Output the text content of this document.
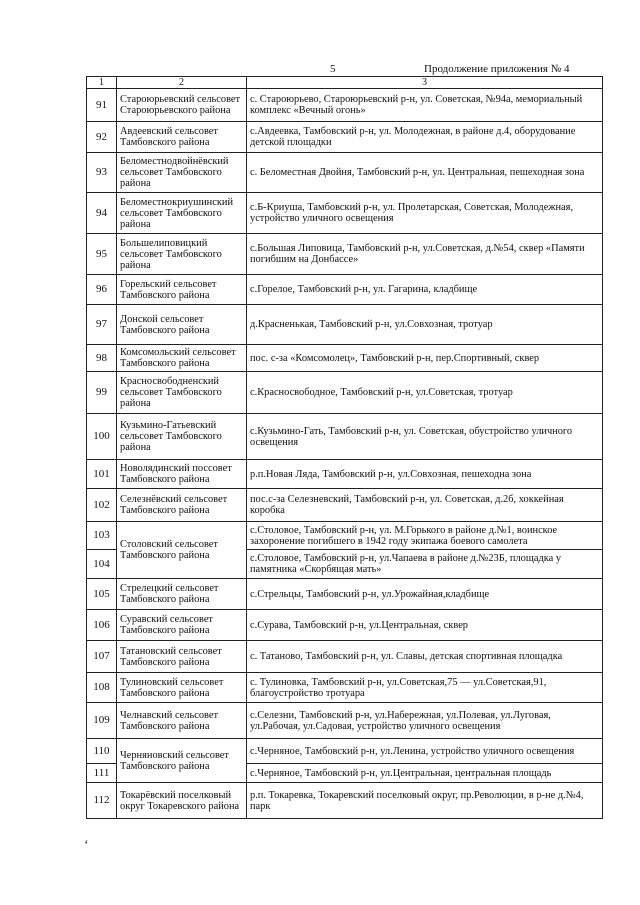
5	Продолжение приложения № 4
1	2	3
91	Староюрьевский сельсовет Староюрьевского района	с. Староюрьево, Староюрьевский р-н, ул. Советская, №94а, мемориальный комплекс «Вечный огонь»
92	Авдеевский сельсовет Тамбовского района	с.Авдеевка, Тамбовский р-н, ул. Молодежная, в районе д.4, оборудование детской площадки
93	Беломестнодвойнёвский сельсовет Тамбовского района	с. Беломестная Двойня, Тамбовский р-н, ул. Центральная, пешеходная зона
94	Беломестнокриушинский сельсовет Тамбовского района	с.Б-Криуша, Тамбовский р-н, ул. Пролетарская, Советская, Молодежная, устройство уличного освещения
95	Большелиповицкий сельсовет Тамбовского района	с.Большая Липовица, Тамбовский р-н, ул.Советская, д.№54, сквер «Памяти погибшим на Донбассе»
96	Горельский сельсовет Тамбовского района	с.Горелое, Тамбовский р-н, ул. Гагарина, кладбище
97	Донской сельсовет Тамбовского района	д.Красненькая, Тамбовский р-н, ул.Совхозная, тротуар
98	Комсомольский сельсовет Тамбовского района	пос. с-за «Комсомолец», Тамбовский р-н, пер.Спортивный, сквер
99	Красносвободненский сельсовет Тамбовского района	с.Красносвободное, Тамбовский р-н, ул.Советская, тротуар
100	Кузьмино-Гатьевский сельсовет Тамбовского района	с.Кузьмино-Гать, Тамбовский р-н, ул. Советская, обустройство уличного освещения
101	Новолядинский поссовет Тамбовского района	р.п.Новая Ляда, Тамбовский р-н, ул.Совхозная, пешеходна зона
102	Селезнёвский сельсовет Тамбовского района	пос.с-за Селезневский, Тамбовский р-н, ул. Советская, д.2б, хоккейная коробка
103	Столовский сельсовет Тамбовского района	с.Столовое, Тамбовский р-н, ул. М.Горького в районе д.№1, воинское захоронение погибшего в 1942 году экипажа боевого самолета
104		с.Столовое, Тамбовский р-н, ул.Чапаева в районе д.№23Б, площадка у памятника «Скорбящая мать»
105	Стрелецкий сельсовет Тамбовского района	с.Стрельцы, Тамбовский р-н, ул.Урожайная,кладбище
106	Суравский сельсовет Тамбовского района	с.Сурава, Тамбовский р-н, ул.Центральная, сквер
107	Татановский сельсовет Тамбовского района	с. Татаново, Тамбовский р-н, ул. Славы, детская спортивная площадка
108	Тулиновский сельсовет Тамбовского района	с. Тулиновка, Тамбовский р-н, ул.Советская,75 — ул.Советская,91, благоустройство тротуара
109	Челнавский сельсовет Тамбовского района	с.Селезни, Тамбовский р-н, ул.Набережная, ул.Полевая, ул.Луговая, ул.Рабочая, ул.Садовая, устройство уличного освещения
110	Черняновский сельсовет Тамбовского района	с.Черняное, Тамбовский р-н, ул.Ленина, устройство уличного освещения
111		с.Черняное, Тамбовский р-н, ул.Центральная, центральная площадь
112	Токарёвский поселковый округ Токаревского района	р.п. Токаревка, Токаревский поселковый округ, пр.Революции, в р-не д.№4, парк
‘
